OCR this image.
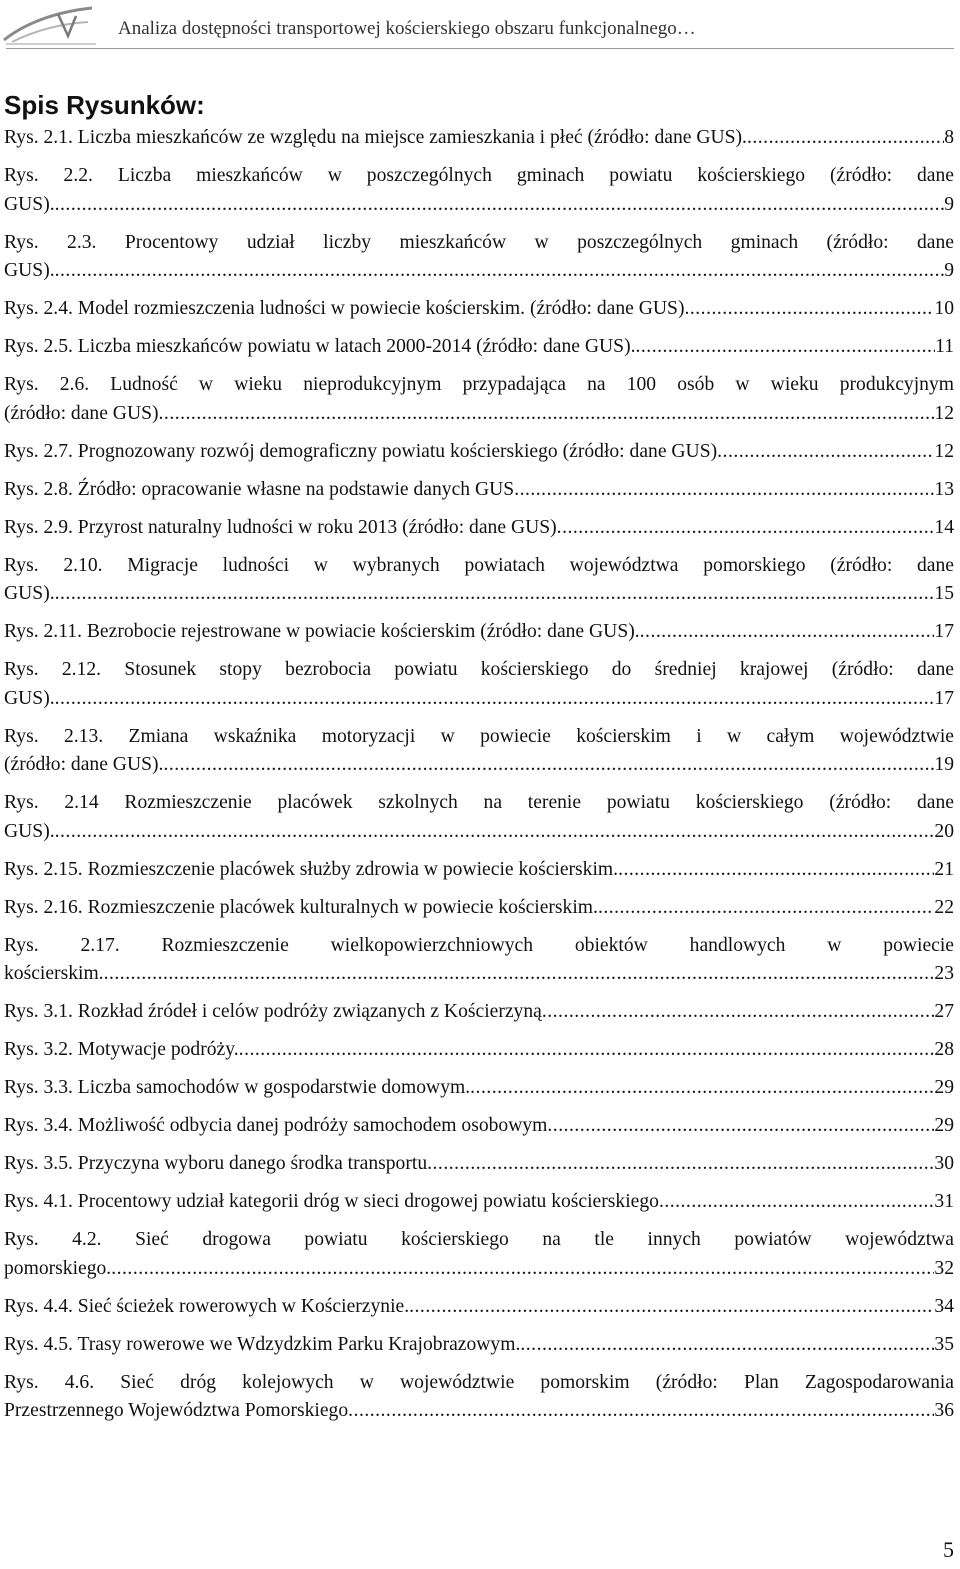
Analiza dostępności transportowej kościerskiego obszaru funkcjonalnego…
Spis Rysunków:
Rys. 2.1. Liczba mieszkańców ze względu na miejsce zamieszkania i płeć (źródło: dane GUS). .....	8
Rys. 2.2. Liczba mieszkańców w poszczególnych gminach powiatu kościerskiego (źródło: dane
GUS). .....	9
Rys. 2.3. Procentowy udział liczby mieszkańców w poszczególnych gminach (źródło: dane
GUS). .....	9
Rys. 2.4. Model rozmieszczenia ludności w powiecie kościerskim. (źródło: dane GUS) .....	10
Rys. 2.5. Liczba mieszkańców powiatu w latach 2000-2014 (źródło: dane GUS). .....	11
Rys. 2.6. Ludność w wieku nieprodukcyjnym przypadająca na 100 osób w wieku produkcyjnym
(źródło: dane GUS) .....	12
Rys. 2.7. Prognozowany rozwój demograficzny powiatu kościerskiego (źródło: dane GUS) .....	12
Rys. 2.8. Źródło: opracowanie własne na podstawie danych GUS .....	13
Rys. 2.9. Przyrost naturalny ludności w roku 2013 (źródło: dane GUS) .....	14
Rys. 2.10. Migracje ludności w wybranych powiatach województwa pomorskiego (źródło: dane
GUS). .....	15
Rys. 2.11. Bezrobocie rejestrowane w powiacie kościerskim (źródło: dane GUS). .....	17
Rys. 2.12. Stosunek stopy bezrobocia powiatu kościerskiego do średniej krajowej (źródło: dane
GUS). .....	17
Rys. 2.13. Zmiana wskaźnika motoryzacji w powiecie kościerskim i w całym województwie
(źródło: dane GUS). .....	19
Rys. 2.14 Rozmieszczenie placówek szkolnych na terenie powiatu kościerskiego (źródło: dane
GUS). .....	20
Rys. 2.15. Rozmieszczenie placówek służby zdrowia w powiecie kościerskim. .....	21
Rys. 2.16. Rozmieszczenie placówek kulturalnych w powiecie kościerskim. .....	22
Rys. 2.17. Rozmieszczenie wielkopowierzchniowych obiektów handlowych w powiecie
kościerskim. .....	23
Rys. 3.1. Rozkład źródeł i celów podróży związanych z Kościerzyną .....	27
Rys. 3.2. Motywacje podróży. .....	28
Rys. 3.3. Liczba samochodów w gospodarstwie domowym. .....	29
Rys. 3.4. Możliwość odbycia danej podróży samochodem osobowym .....	29
Rys. 3.5. Przyczyna wyboru danego środka transportu .....	30
Rys. 4.1. Procentowy udział kategorii dróg w sieci drogowej powiatu kościerskiego .....	31
Rys. 4.2. Sieć drogowa powiatu kościerskiego na tle innych powiatów województwa
pomorskiego. .....	32
Rys. 4.4. Sieć ścieżek rowerowych w Kościerzynie. .....	34
Rys. 4.5. Trasy rowerowe we Wdzydzkim Parku Krajobrazowym. .....	35
Rys. 4.6. Sieć dróg kolejowych w województwie pomorskim (źródło: Plan Zagospodarowania
Przestrzennego Województwa Pomorskiego .....	36
5
